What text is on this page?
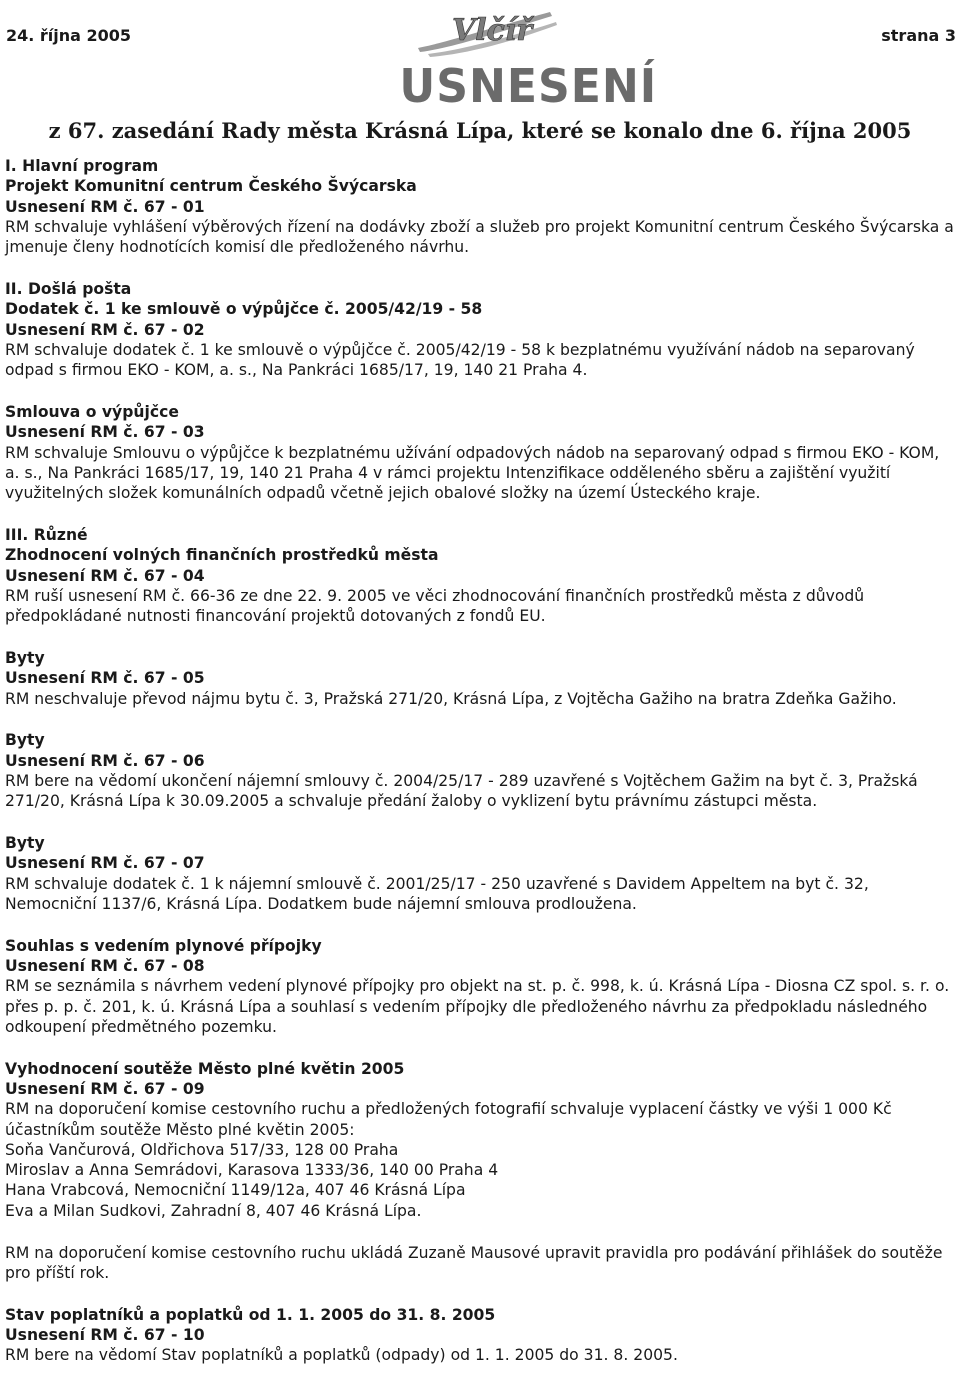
24. října 2005	Vlčíř	strana 3
USNESENÍ
z 67. zasedání Rady města Krásná Lípa, které se konalo dne 6. října 2005
I. Hlavní program
Projekt Komunitní centrum Českého Švýcarska
Usnesení RM č. 67 - 01
RM schvaluje vyhlášení výběrových řízení na dodávky zboží a služeb pro projekt Komunitní centrum Českého Švýcarska a jmenuje členy hodnotících komisí dle předloženého návrhu.
II. Došlá pošta
Dodatek č. 1 ke smlouvě o výpůjčce č. 2005/42/19 - 58
Usnesení RM č. 67 - 02
RM schvaluje dodatek č. 1 ke smlouvě o výpůjčce č. 2005/42/19 - 58 k bezplatnému využívání nádob na separovaný odpad s firmou EKO - KOM, a. s., Na Pankráci 1685/17, 19, 140 21 Praha 4.
Smlouva o výpůjčce
Usnesení RM č. 67 - 03
RM schvaluje Smlouvu o výpůjčce k bezplatnému užívání odpadových nádob na separovaný odpad s firmou EKO - KOM, a. s., Na Pankráci 1685/17, 19, 140 21 Praha 4 v rámci projektu Intenzifikace odděleného sběru a zajištění využití využitelných složek komunálních odpadů včetně jejich obalové složky na území Ústeckého kraje.
III. Různé
Zhodnocení volných finančních prostředků města
Usnesení RM č. 67 - 04
RM ruší usnesení RM č. 66-36 ze dne 22. 9. 2005 ve věci zhodnocování finančních prostředků města z důvodů předpokládané nutnosti financování projektů dotovaných z fondů EU.
Byty
Usnesení RM č. 67 - 05
RM neschvaluje převod nájmu bytu č. 3, Pražská 271/20, Krásná Lípa, z Vojtěcha Gažiho na bratra Zdeňka Gažiho.
Byty
Usnesení RM č. 67 - 06
RM bere na vědomí ukončení nájemní smlouvy č. 2004/25/17 - 289 uzavřené s Vojtěchem Gažim na byt č. 3, Pražská 271/20, Krásná Lípa k 30.09.2005 a schvaluje předání žaloby o vyklizení bytu právnímu zástupci města.
Byty
Usnesení RM č. 67 - 07
RM schvaluje dodatek č. 1 k nájemní smlouvě č. 2001/25/17 - 250 uzavřené s Davidem Appeltem na byt č. 32, Nemocniční 1137/6, Krásná Lípa. Dodatkem bude nájemní smlouva prodloužena.
Souhlas s vedením plynové přípojky
Usnesení RM č. 67 - 08
RM se seznámila s návrhem vedení plynové přípojky pro objekt na st. p. č. 998, k. ú. Krásná Lípa - Diosna CZ spol. s. r. o. přes p. p. č. 201, k. ú. Krásná Lípa a souhlasí s vedením přípojky dle předloženého návrhu za předpokladu následného odkoupení předmětného pozemku.
Vyhodnocení soutěže Město plné květin 2005
Usnesení RM č. 67 - 09
RM na doporučení komise cestovního ruchu a předložených fotografií schvaluje vyplacení částky ve výši 1 000 Kč účastníkům soutěže Město plné květin 2005:
Soňa Vančurová, Oldřichova 517/33, 128 00 Praha
Miroslav a Anna Semrádovi, Karasova 1333/36, 140 00 Praha 4
Hana Vrabcová, Nemocniční 1149/12a, 407 46 Krásná Lípa
Eva a Milan Sudkovi, Zahradní 8, 407 46 Krásná Lípa.
RM na doporučení komise cestovního ruchu ukládá Zuzaně Mausové upravit pravidla pro podávání přihlášek do soutěže pro příští rok.
Stav poplatníků a poplatků od 1. 1. 2005 do 31. 8. 2005
Usnesení RM č. 67 - 10
RM bere na vědomí Stav poplatníků a poplatků (odpady) od 1. 1. 2005 do 31. 8. 2005.
